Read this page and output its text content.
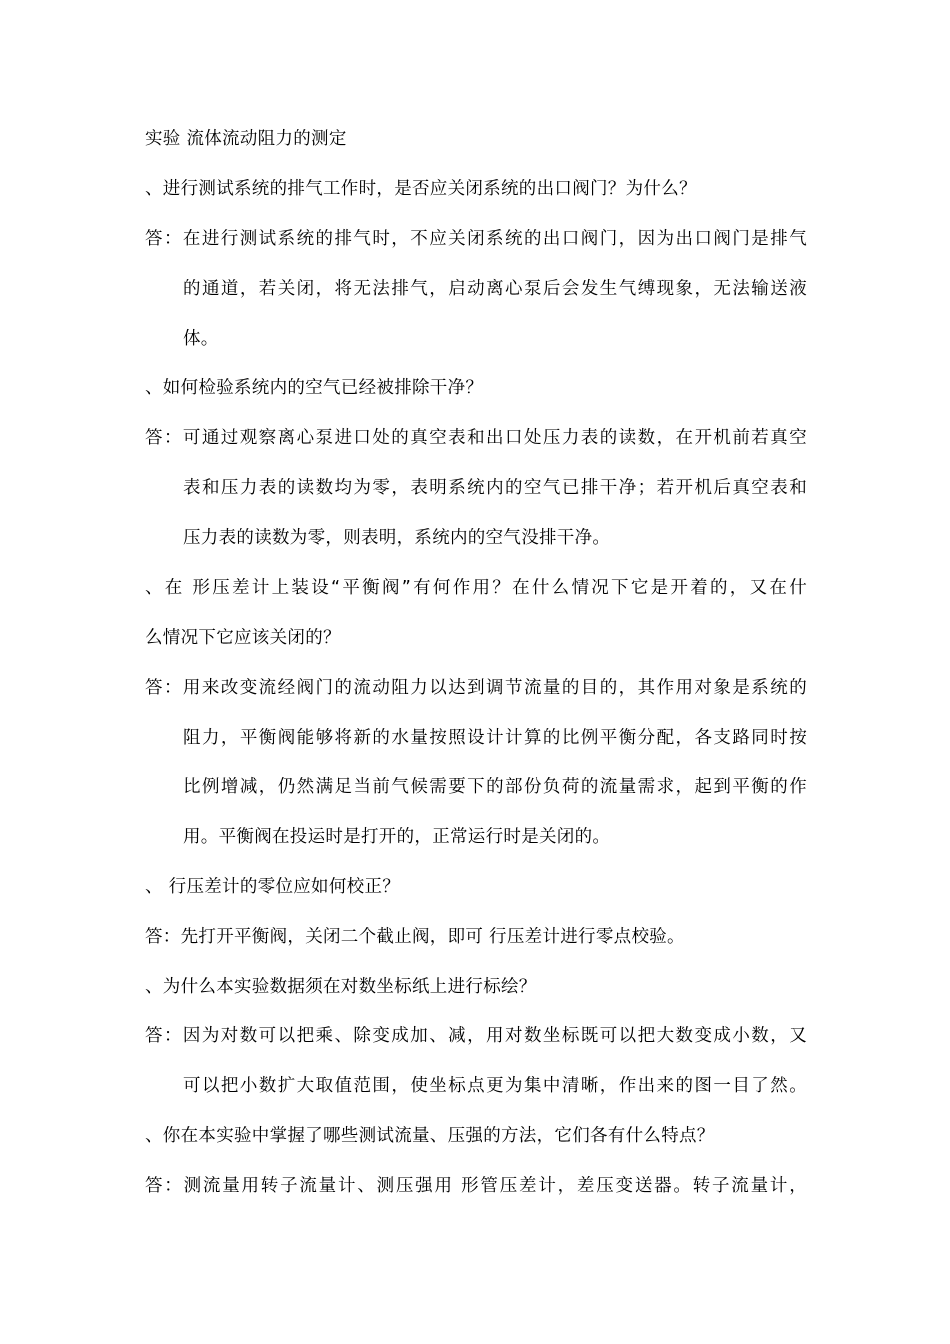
实验 流体流动阻力的测定
、进行测试系统的排气工作时，是否应关闭系统的出口阀门？为什么？
答：在进行测试系统的排气时，不应关闭系统的出口阀门，因为出口阀门是排气
的通道，若关闭，将无法排气，启动离心泵后会发生气缚现象，无法输送液
体。
、如何检验系统内的空气已经被排除干净？
答：可通过观察离心泵进口处的真空表和出口处压力表的读数，在开机前若真空
表和压力表的读数均为零，表明系统内的空气已排干净；若开机后真空表和
压力表的读数为零，则表明，系统内的空气没排干净。
、在 形压差计上装设“平衡阀”有何作用？在什么情况下它是开着的，又在什
么情况下它应该关闭的？
答：用来改变流经阀门的流动阻力以达到调节流量的目的，其作用对象是系统的
阻力，平衡阀能够将新的水量按照设计计算的比例平衡分配，各支路同时按
比例增减，仍然满足当前气候需要下的部份负荷的流量需求，起到平衡的作
用。平衡阀在投运时是打开的，正常运行时是关闭的。
、 行压差计的零位应如何校正？
答：先打开平衡阀，关闭二个截止阀，即可 行压差计进行零点校验。
、为什么本实验数据须在对数坐标纸上进行标绘？
答：因为对数可以把乘、除变成加、减，用对数坐标既可以把大数变成小数，又
可以把小数扩大取值范围，使坐标点更为集中清晰，作出来的图一目了然。
、你在本实验中掌握了哪些测试流量、压强的方法，它们各有什么特点？
答：测流量用转子流量计、测压强用 形管压差计，差压变送器。转子流量计，
